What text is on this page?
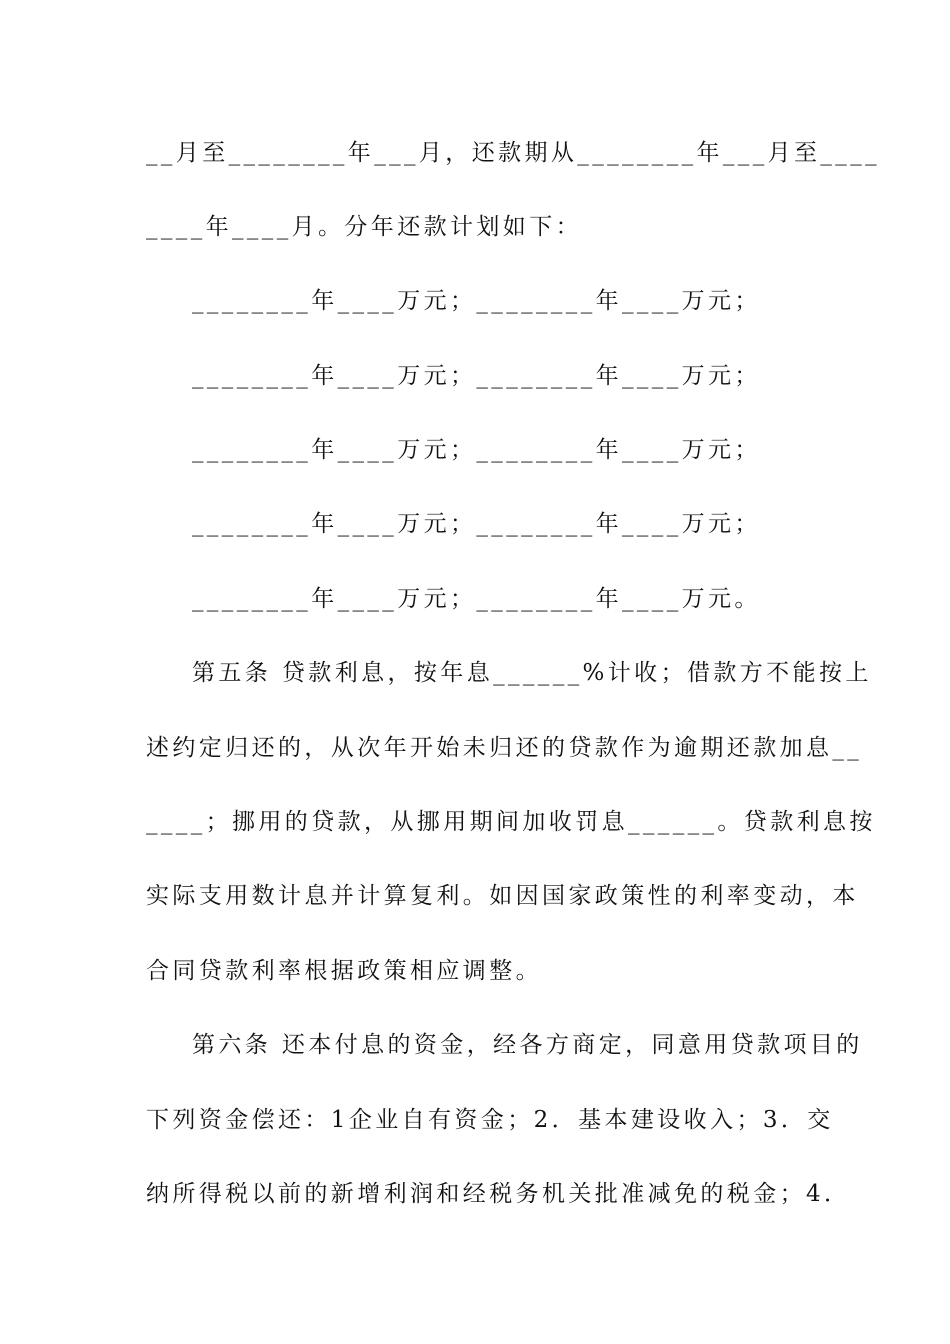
__月至________年___月，还款期从________年___月至____
____年____月。分年还款计划如下：
________年____万元；________年____万元；
________年____万元；________年____万元；
________年____万元；________年____万元；
________年____万元；________年____万元；
________年____万元；________年____万元。
第五条 贷款利息，按年息______%计收；借款方不能按上
述约定归还的，从次年开始未归还的贷款作为逾期还款加息__
____；挪用的贷款，从挪用期间加收罚息______。贷款利息按
实际支用数计息并计算复利。如因国家政策性的利率变动，本
合同贷款利率根据政策相应调整。
第六条 还本付息的资金，经各方商定，同意用贷款项目的
下列资金偿还：1企业自有资金；2．基本建设收入；3．交
纳所得税以前的新增利润和经税务机关批准减免的税金；4．
